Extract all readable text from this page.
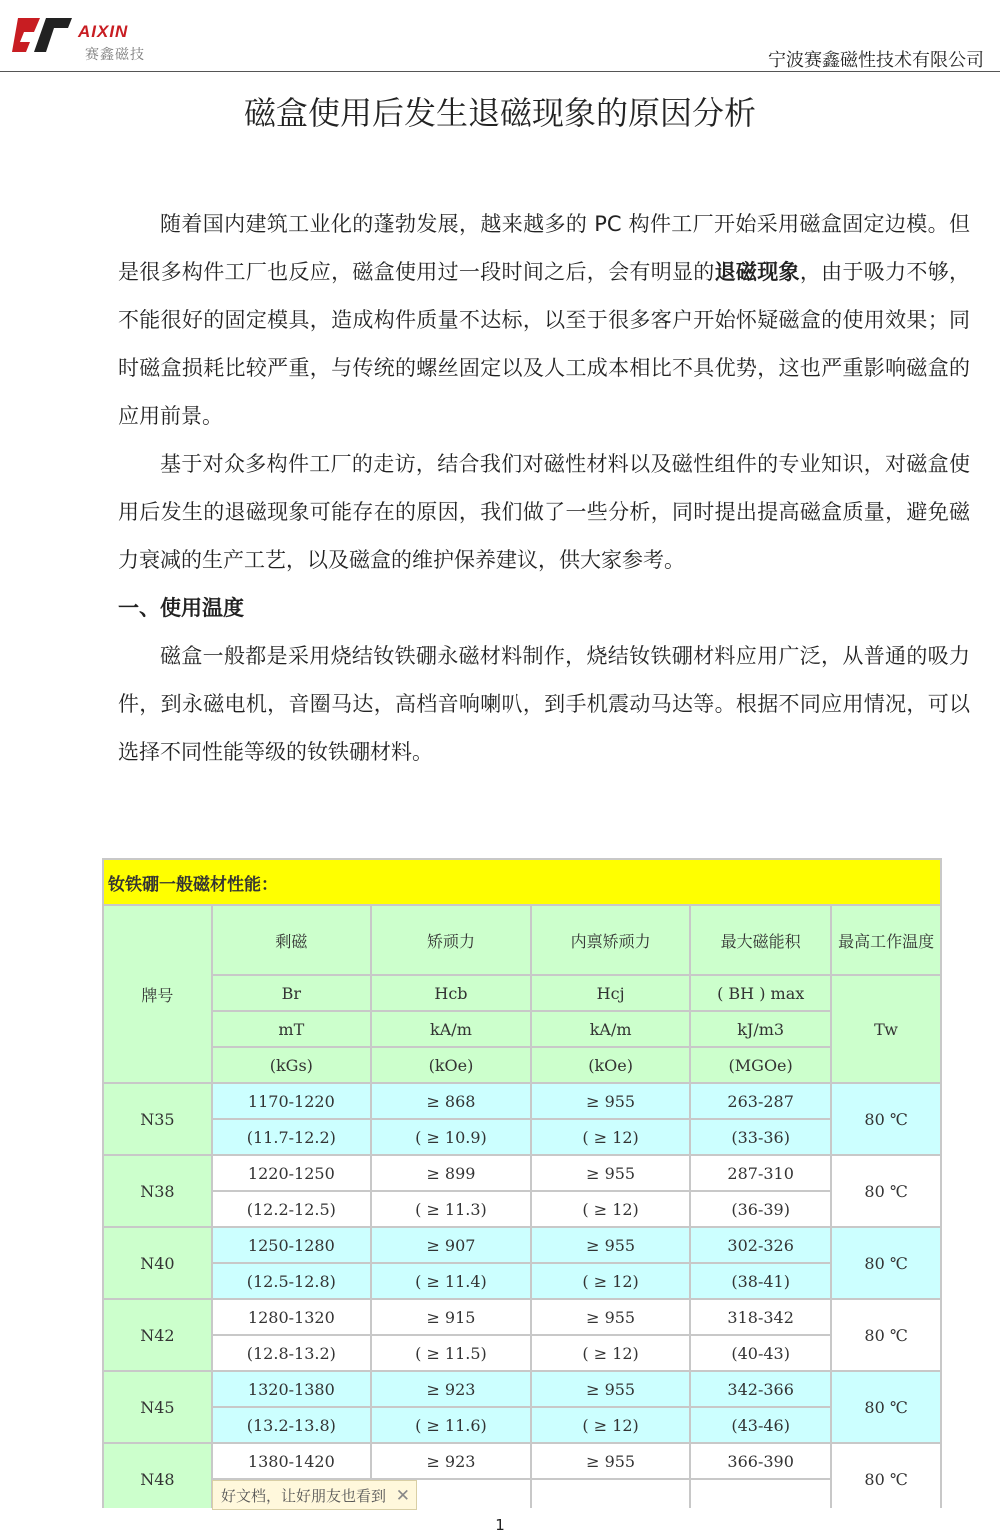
AIXIN
赛鑫磁技	宁波赛鑫磁性技术有限公司
磁盒使用后发生退磁现象的原因分析

随着国内建筑工业化的蓬勃发展，越来越多的 PC 构件工厂开始采用磁盒固定边模。但是很多构件工厂也反应，磁盒使用过一段时间之后，会有明显的退磁现象，由于吸力不够，不能很好的固定模具，造成构件质量不达标，以至于很多客户开始怀疑磁盒的使用效果；同时磁盒损耗比较严重，与传统的螺丝固定以及人工成本相比不具优势，这也严重影响磁盒的应用前景。

基于对众多构件工厂的走访，结合我们对磁性材料以及磁性组件的专业知识，对磁盒使用后发生的退磁现象可能存在的原因，我们做了一些分析，同时提出提高磁盒质量，避免磁力衰减的生产工艺，以及磁盒的维护保养建议，供大家参考。

一、使用温度

磁盒一般都是采用烧结钕铁硼永磁材料制作，烧结钕铁硼材料应用广泛，从普通的吸力件，到永磁电机，音圈马达，高档音响喇叭，到手机震动马达等。根据不同应用情况，可以选择不同性能等级的钕铁硼材料。

钕铁硼一般磁材性能：					
牌号	剩磁	矫顽力	内禀矫顽力	最大磁能积	最高工作温度
	Br	Hcb	Hcj	( BH ) max	Tw
	mT	kA/m	kA/m	kJ/m3	
	(kGs)	(kOe)	(kOe)	(MGOe)	
N35	1170-1220	≥ 868	≥ 955	263-287	80 ℃
	(11.7-12.2)	( ≥ 10.9)	( ≥ 12)	(33-36)	
N38	1220-1250	≥ 899	≥ 955	287-310	80 ℃
	(12.2-12.5)	( ≥ 11.3)	( ≥ 12)	(36-39)	
N40	1250-1280	≥ 907	≥ 955	302-326	80 ℃
	(12.5-12.8)	( ≥ 11.4)	( ≥ 12)	(38-41)	
N42	1280-1320	≥ 915	≥ 955	318-342	80 ℃
	(12.8-13.2)	( ≥ 11.5)	( ≥ 12)	(40-43)	
N45	1320-1380	≥ 923	≥ 955	342-366	80 ℃
	(13.2-13.8)	( ≥ 11.6)	( ≥ 12)	(43-46)	
N48	1380-1420	≥ 923	≥ 955	366-390	80 ℃

好文档，让好朋友也看到 ✕
1
